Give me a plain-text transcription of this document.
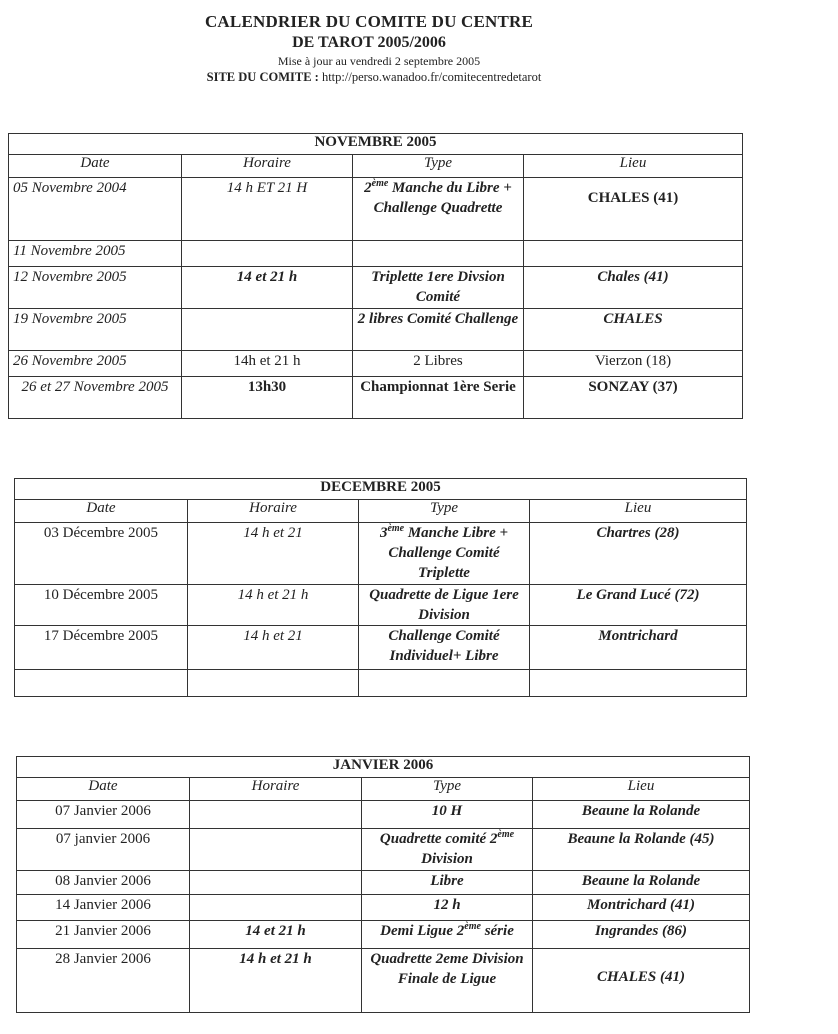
CALENDRIER DU COMITE DU CENTRE
DE TAROT 2005/2006
Mise à jour au vendredi 2 septembre 2005
SITE DU COMITE : http://perso.wanadoo.fr/comitecentredetarot
NOVEMBRE 2005			
Date	Horaire	Type	Lieu
05 Novembre 2004	14 h ET 21 H	2ème Manche du Libre + Challenge Quadrette	CHALES (41)
11 Novembre 2005			
12 Novembre 2005	14 et 21 h	Triplette 1ere Divsion Comité	Chales (41)
19 Novembre 2005		2 libres Comité Challenge	CHALES
26 Novembre 2005	14h et 21 h	2 Libres	Vierzon (18)
26 et 27 Novembre 2005	13h30	Championnat 1ère Serie	SONZAY (37)
DECEMBRE 2005			
Date	Horaire	Type	Lieu
03 Décembre 2005	14 h et 21	3ème Manche Libre + Challenge Comité Triplette	Chartres (28)
10 Décembre 2005	14 h et 21 h	Quadrette de Ligue 1ere Division	Le Grand Lucé (72)
17 Décembre 2005	14 h et 21	Challenge Comité Individuel+ Libre	Montrichard

JANVIER 2006			
Date	Horaire	Type	Lieu
07 Janvier 2006		10 H	Beaune la Rolande
07 janvier 2006		Quadrette comité 2ème Division	Beaune la Rolande (45)
08 Janvier 2006		Libre	Beaune la Rolande
14 Janvier 2006		12 h	Montrichard (41)
21 Janvier 2006	14 et 21 h	Demi Ligue 2ème série	Ingrandes (86)
28 Janvier 2006	14 h et 21 h	Quadrette 2eme Division Finale de Ligue	CHALES (41)
